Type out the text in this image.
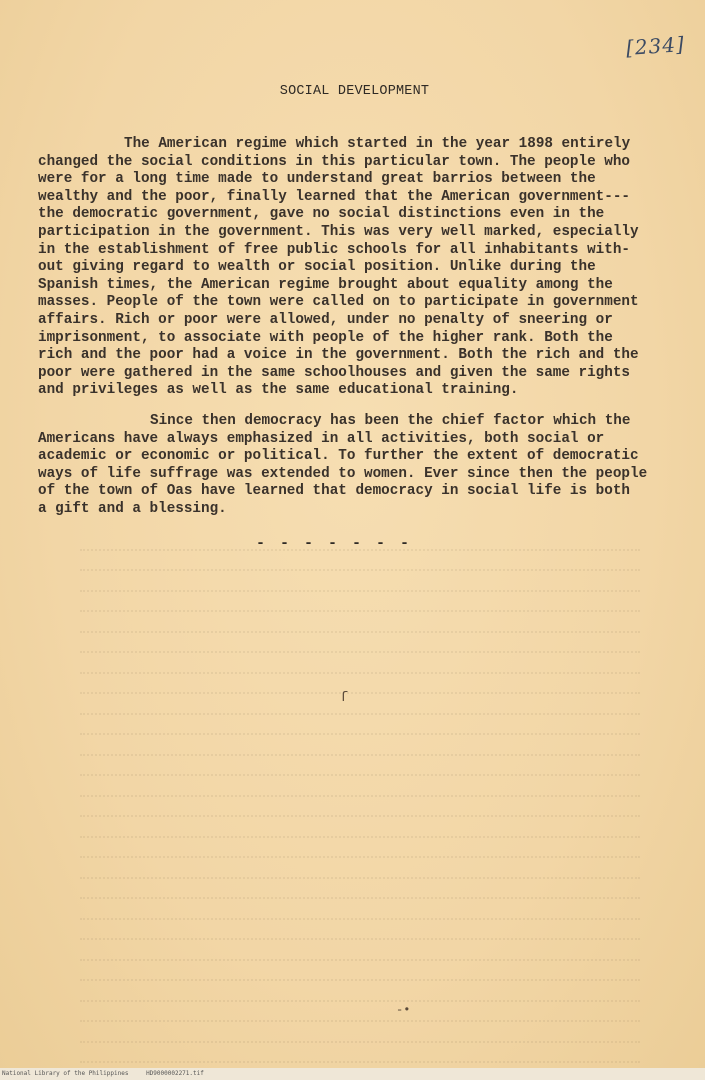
[234]
SOCIAL DEVELOPMENT
The American regime which started in the year 1898 entirely
changed the social conditions in this particular town. The people who
were for a long time made to understand great barrios between the
wealthy and the poor, finally learned that the American government---
the democratic government, gave no social distinctions even in the
participation in the government. This was very well marked, especially
in the establishment of free public schools for all inhabitants with-
out giving regard to wealth or social position. Unlike during the
Spanish times, the American regime brought about equality among the
masses. People of the town were called on to participate in government
affairs. Rich or poor were allowed, under no penalty of sneering or
imprisonment, to associate with people of the higher rank. Both the
rich and the poor had a voice in the government. Both the rich and the
poor were gathered in the same schoolhouses and given the same rights
and privileges as well as the same educational training.
Since then democracy has been the chief factor which the
Americans have always emphasized in all activities, both social or
academic or economic or political. To further the extent of democratic
ways of life suffrage was extended to women. Ever since then the people
of the town of Oas have learned that democracy in social life is both
a gift and a blessing.
- - - - - - -
ſ
-•
National Library of the Philippines	HD9000002271.tif
